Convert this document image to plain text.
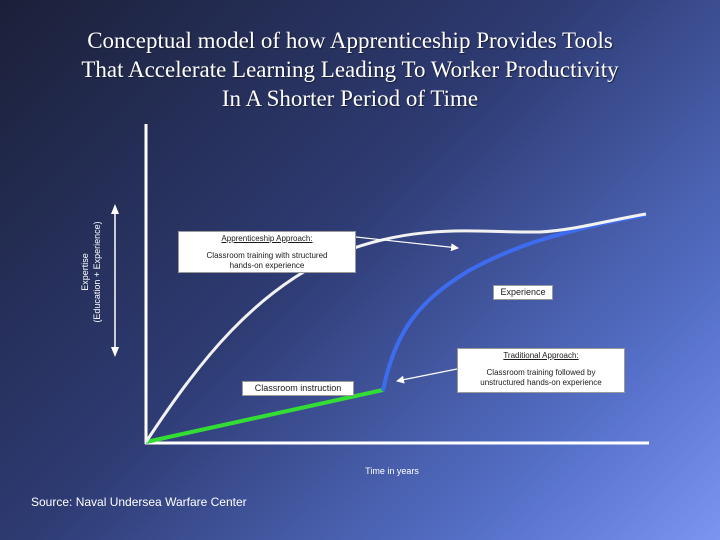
Conceptual model of how Apprenticeship Provides Tools
That Accelerate Learning Leading To Worker Productivity
In A Shorter Period of Time
Expertise (Education + Experience)	Apprenticeship Approach:
Classroom training with structured
hands-on experience
Experience
Traditional Approach:
Classroom training followed by
unstructured hands-on experience
Classroom instruction
Time in years
Source: Naval Undersea Warfare Center
